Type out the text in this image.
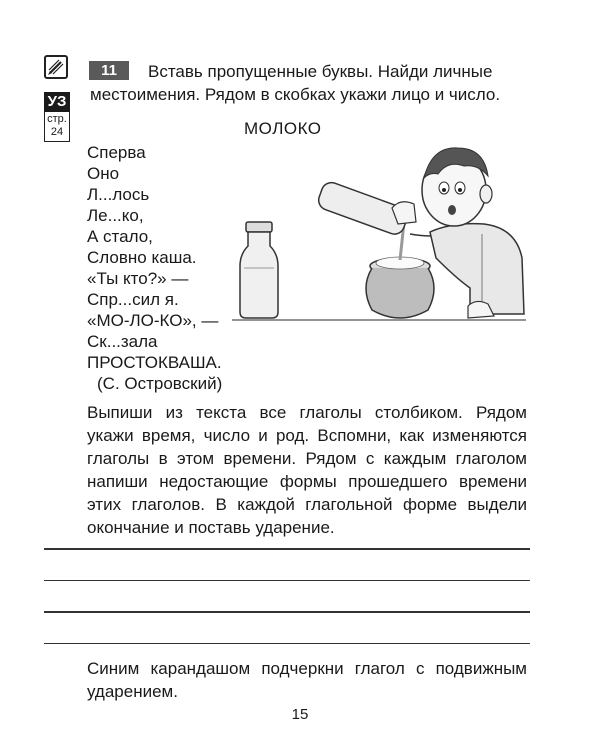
УЗ
стр.
24
11	Вставь пропущенные буквы. Найди личные местоимения. Рядом в скобках укажи лицо и число.

МОЛОКО

Сперва
Оно
Л...лось
Ле...ко,
А стало,
Словно каша.
«Ты кто?» —
Спр...сил я.
«МО-ЛО-КО», —
Ск...зала
ПРОСТОКВАША.
(С. Островский)

Выпиши из текста все глаголы столбиком. Рядом укажи время, число и род. Вспомни, как изменяются глаголы в этом времени. Рядом с каждым глаголом напиши недостающие формы прошедшего времени этих глаголов. В каждой глагольной форме выдели окончание и поставь ударение.

Синим карандашом подчеркни глагол с подвижным ударением.

15
